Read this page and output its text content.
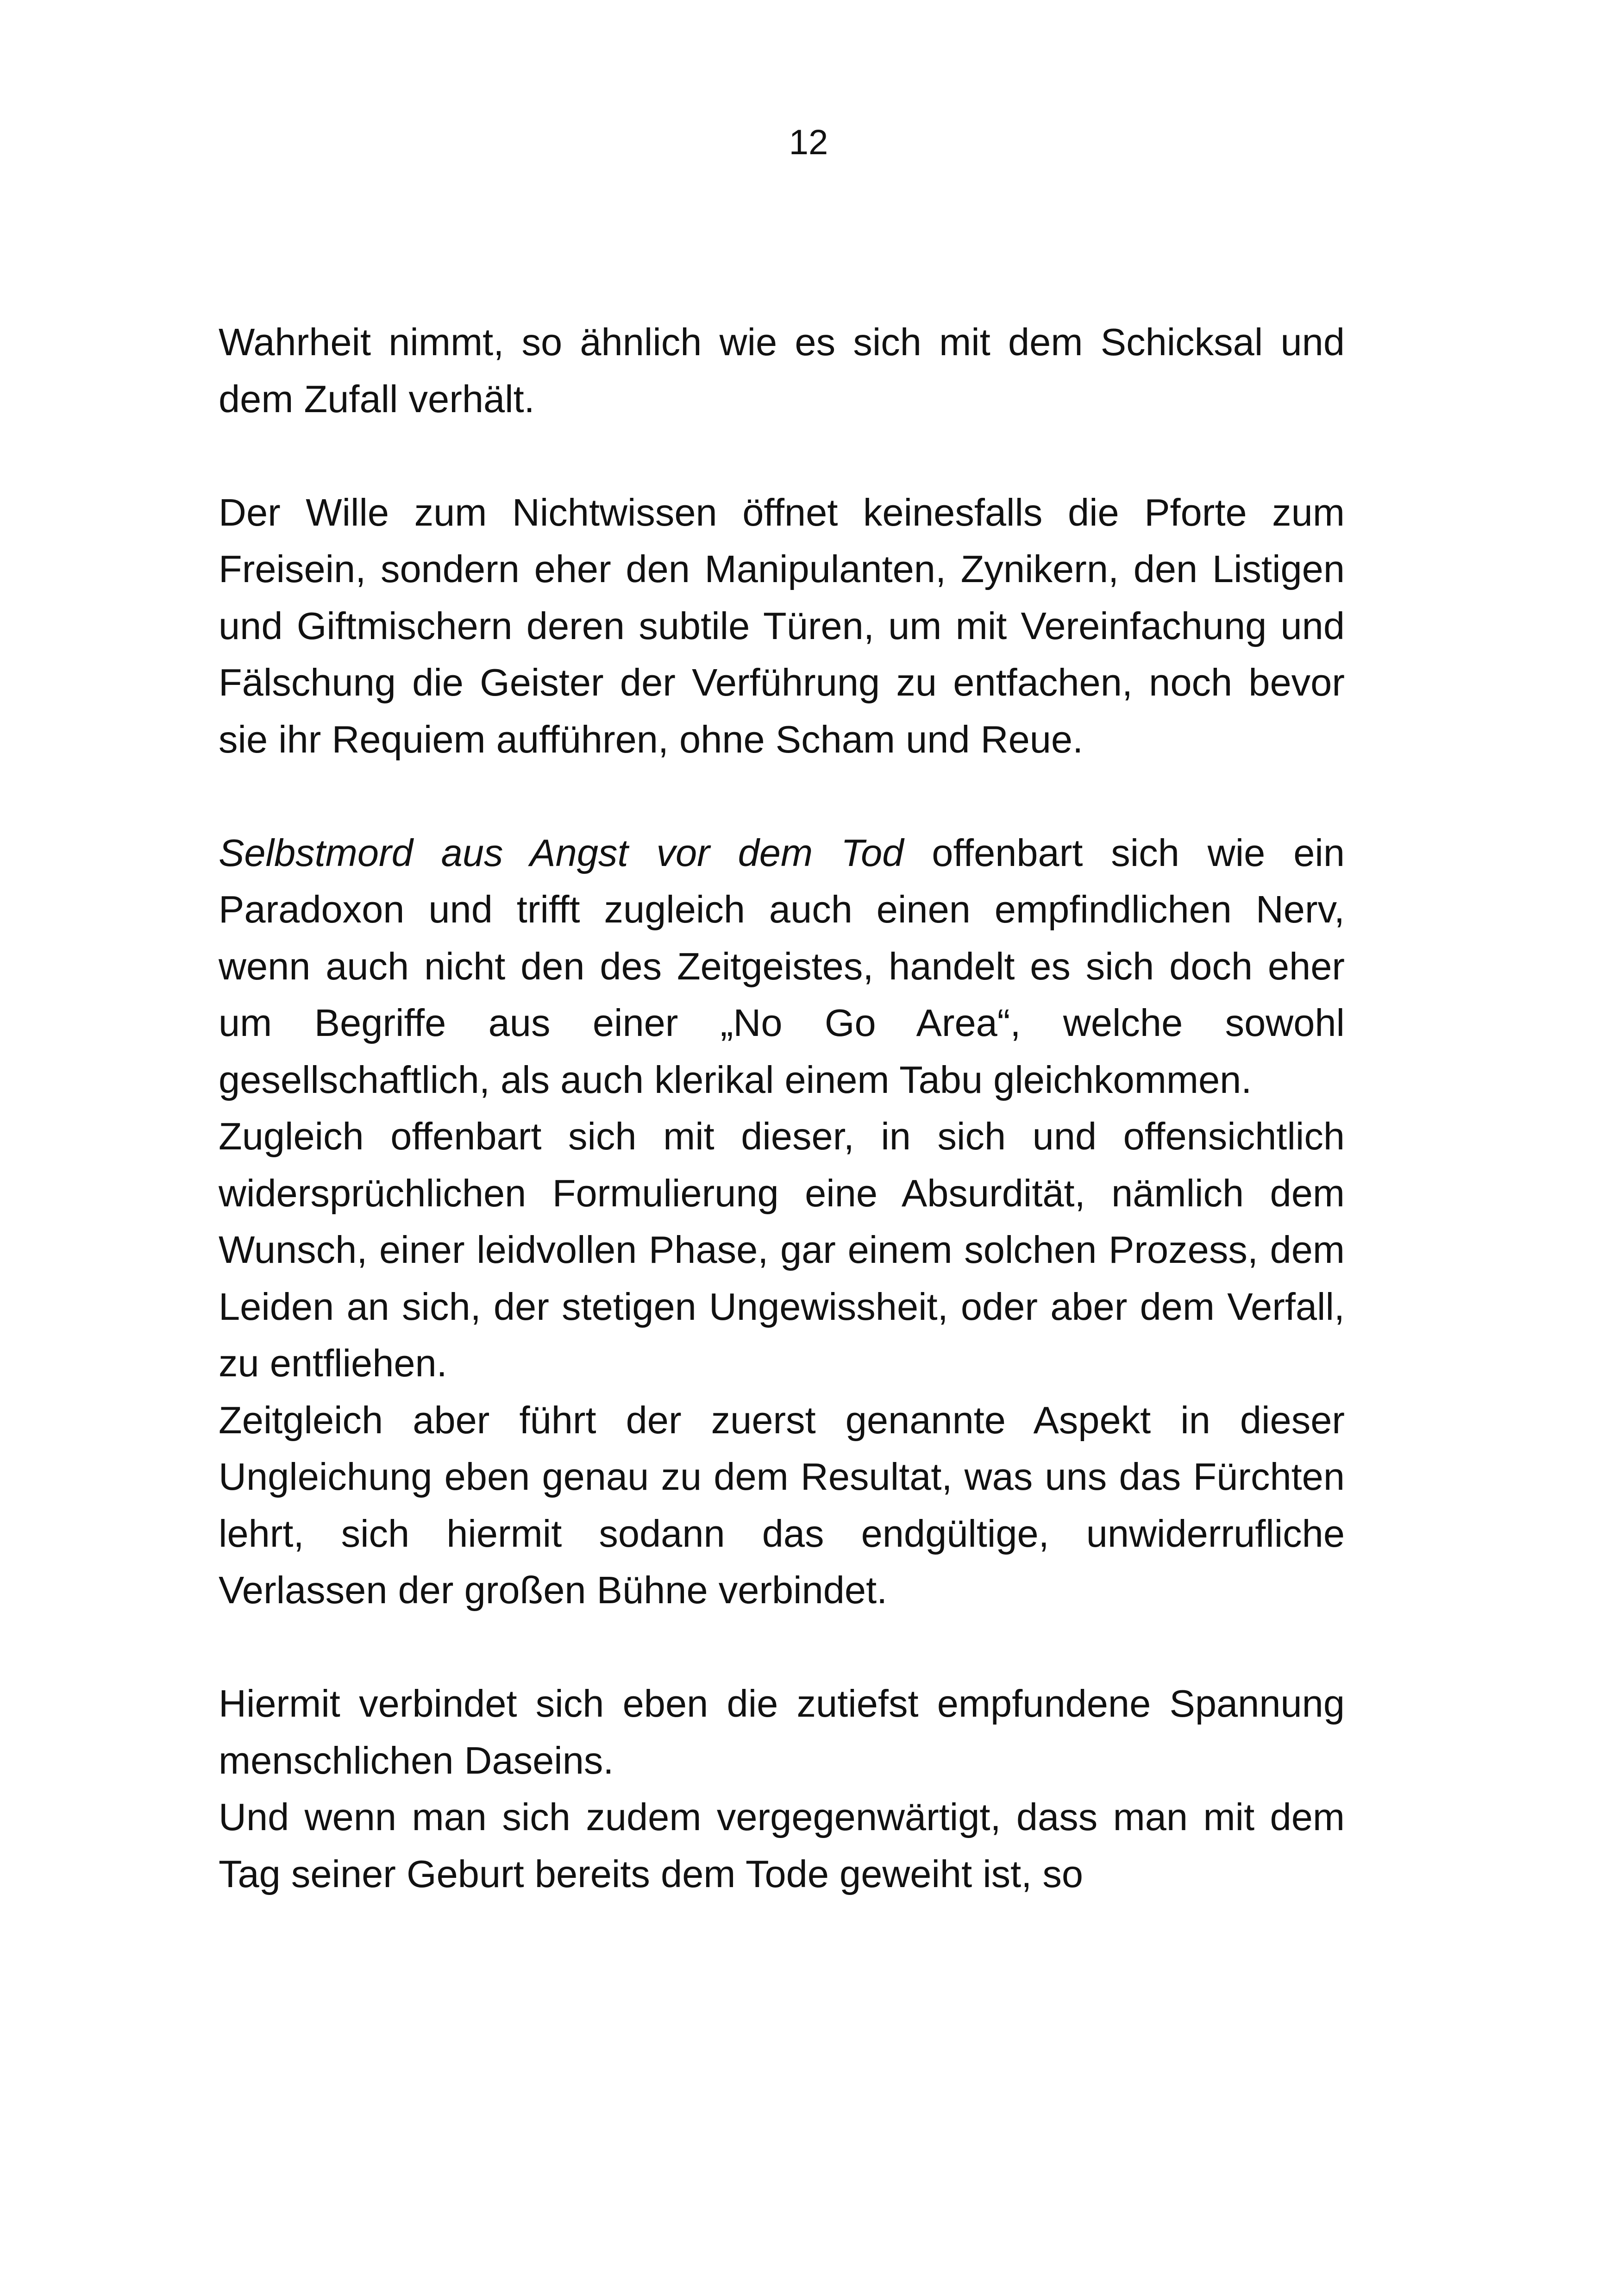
12

Wahrheit nimmt, so ähnlich wie es sich mit dem Schicksal und dem Zufall verhält.

Der Wille zum Nichtwissen öffnet keinesfalls die Pforte zum Freisein, sondern eher den Manipulanten, Zynikern, den Listigen und Giftmischern deren subtile Türen, um mit Vereinfachung und Fälschung die Geister der Verführung zu entfachen, noch bevor sie ihr Requiem aufführen, ohne Scham und Reue.

Selbstmord aus Angst vor dem Tod offenbart sich wie ein Paradoxon und trifft zugleich auch einen empfindlichen Nerv, wenn auch nicht den des Zeitgeistes, handelt es sich doch eher um Begriffe aus einer „No Go Area“, welche sowohl gesellschaftlich, als auch klerikal einem Tabu gleichkommen.

Zugleich offenbart sich mit dieser, in sich und offensichtlich widersprüchlichen Formulierung eine Absurdität, nämlich dem Wunsch, einer leidvollen Phase, gar einem solchen Prozess, dem Leiden an sich, der stetigen Ungewissheit, oder aber dem Verfall, zu entfliehen.

Zeitgleich aber führt der zuerst genannte Aspekt in dieser Ungleichung eben genau zu dem Resultat, was uns das Fürchten lehrt, sich hiermit sodann das endgültige, unwiderrufliche Verlassen der großen Bühne verbindet.

Hiermit verbindet sich eben die zutiefst empfundene Spannung menschlichen Daseins.

Und wenn man sich zudem vergegenwärtigt, dass man mit dem Tag seiner Geburt bereits dem Tode geweiht ist, so
